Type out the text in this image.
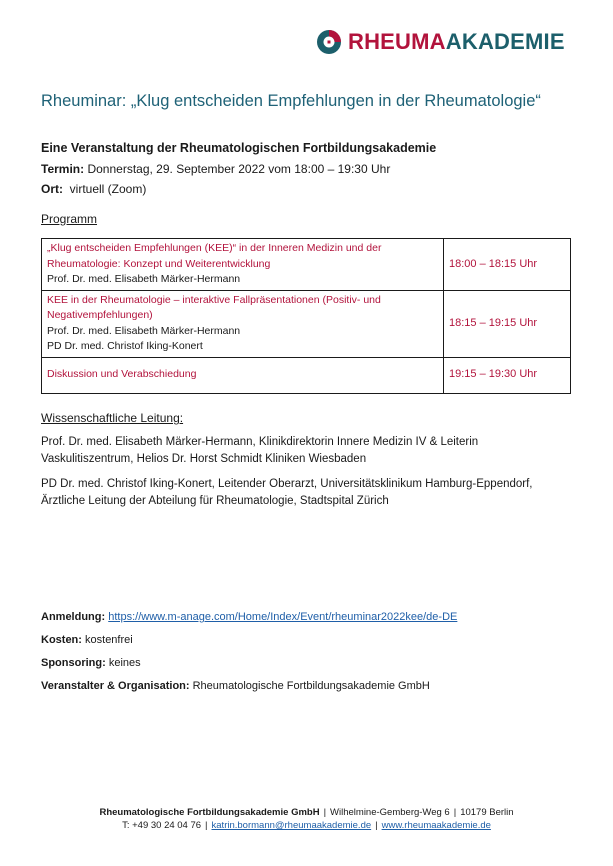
RHEUMAAKADEMIE
Rheuminar: „Klug entscheiden Empfehlungen in der Rheumatologie“
Eine Veranstaltung der Rheumatologischen Fortbildungsakademie
Termin: Donnerstag, 29. September 2022 vom 18:00 – 19:30 Uhr
Ort: virtuell (Zoom)
Programm
„Klug entscheiden Empfehlungen (KEE)“ in der Inneren Medizin und der
Rheumatologie: Konzept und Weiterentwicklung
Prof. Dr. med. Elisabeth Märker-Hermann	18:00 – 18:15 Uhr

KEE in der Rheumatologie – interaktive Fallpräsentationen (Positiv- und
Negativempfehlungen)
Prof. Dr. med. Elisabeth Märker-Hermann
PD Dr. med. Christof Iking-Konert	18:15 – 19:15 Uhr

Diskussion und Verabschiedung	19:15 – 19:30 Uhr
Wissenschaftliche Leitung:
Prof. Dr. med. Elisabeth Märker-Hermann, Klinikdirektorin Innere Medizin IV & Leiterin Vaskulitiszentrum, Helios Dr. Horst Schmidt Kliniken Wiesbaden
PD Dr. med. Christof Iking-Konert, Leitender Oberarzt, Universitätsklinikum Hamburg-Eppendorf, Ärztliche Leitung der Abteilung für Rheumatologie, Stadtspital Zürich
Anmeldung: https://www.m-anage.com/Home/Index/Event/rheuminar2022kee/de-DE
Kosten: kostenfrei
Sponsoring: keines
Veranstalter & Organisation: Rheumatologische Fortbildungsakademie GmbH
Rheumatologische Fortbildungsakademie GmbH | Wilhelmine-Gemberg-Weg 6 | 10179 Berlin
T: +49 30 24 04 76 | katrin.bormann@rheumaakademie.de | www.rheumaakademie.de
